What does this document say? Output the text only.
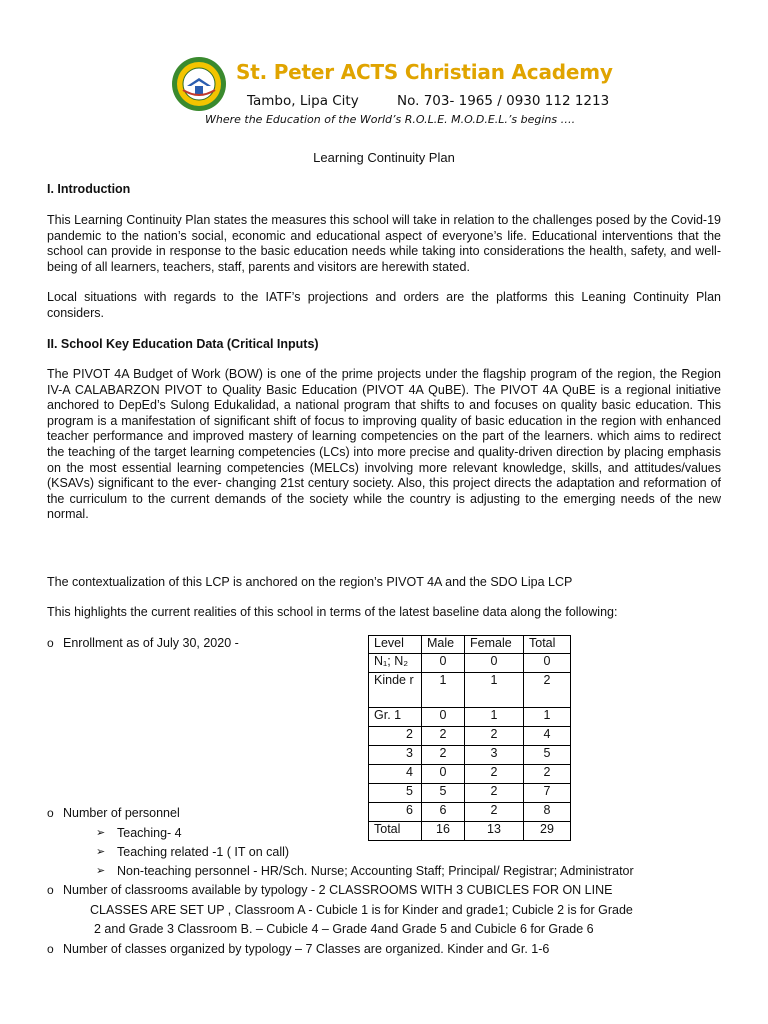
St. Peter ACTS Christian Academy
Tambo, Lipa City	No. 703- 1965 / 0930 112 1213
Where the Education of the World’s R.O.L.E. M.O.D.E.L.’s begins ….
Learning Continuity Plan
I. Introduction
This Learning Continuity Plan states the measures this school will take in relation to the challenges posed by the Covid-19 pandemic to the nation’s social, economic and educational aspect of everyone’s life. Educational interventions that the school can provide in response to the basic education needs while taking into considerations the health, safety, and well-being of all learners, teachers, staff, parents and visitors are herewith stated.
Local situations with regards to the IATF’s projections and orders are the platforms this Leaning Continuity Plan considers.
II. School Key Education Data (Critical Inputs)
The PIVOT 4A Budget of Work (BOW) is one of the prime projects under the flagship program of the region, the Region IV-A CALABARZON PIVOT to Quality Basic Education (PIVOT 4A QuBE). The PIVOT 4A QuBE is a regional initiative anchored to DepEd’s Sulong Edukalidad, a national program that shifts to and focuses on quality basic education. This program is a manifestation of significant shift of focus to improving quality of basic education in the region with enhanced teacher performance and improved mastery of learning competencies on the part of the learners. which aims to redirect the teaching of the target learning competencies (LCs) into more precise and quality-driven direction by placing emphasis on the most essential learning competencies (MELCs) involving more relevant knowledge, skills, and attitudes/values (KSAVs) significant to the ever- changing 21st century society. Also, this project directs the adaptation and reformation of the curriculum to the current demands of the society while the country is adjusting to the emerging needs of the new normal.
The contextualization of this LCP is anchored on the region’s PIVOT 4A and the SDO Lipa LCP
This highlights the current realities of this school in terms of the latest baseline data along the following:
o Enrollment as of July 30, 2020 -	Level	Male	Female	Total
N₁; N₂	0	0	0
Kinde r	1	1	2
Gr. 1	0	1	1
2	2	2	4
3	2	3	5
4	0	2	2
5	5	2	7
6	6	2	8
Total	16	13	29
o Number of personnel
➢ Teaching- 4
➢ Teaching related -1 ( IT on call)
➢ Non-teaching personnel - HR/Sch. Nurse; Accounting Staff; Principal/ Registrar; Administrator
o Number of classrooms available by typology - 2 CLASSROOMS WITH 3 CUBICLES FOR ON LINE
CLASSES ARE SET UP , Classroom A - Cubicle 1 is for Kinder and grade1; Cubicle 2 is for Grade
2 and Grade 3 Classroom B. – Cubicle 4 – Grade 4and Grade 5 and Cubicle 6 for Grade 6
o Number of classes organized by typology – 7 Classes are organized. Kinder and Gr. 1-6
